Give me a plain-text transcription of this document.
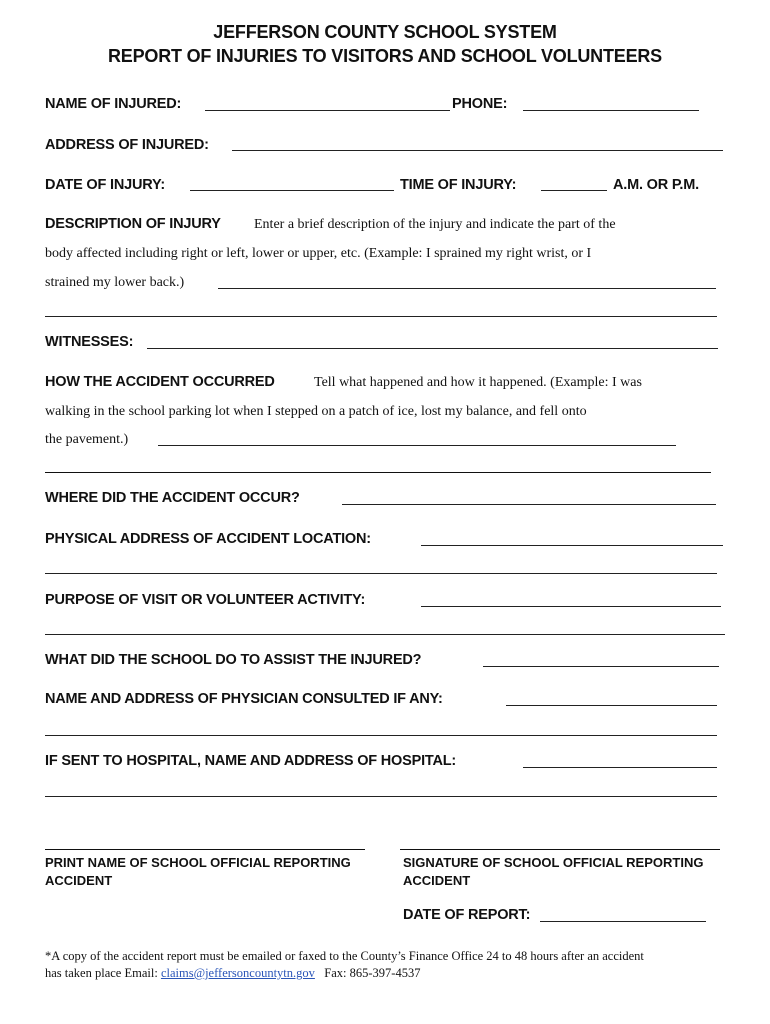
JEFFERSON COUNTY SCHOOL SYSTEM
REPORT OF INJURIES TO VISITORS AND SCHOOL VOLUNTEERS
NAME OF INJURED:	PHONE:
ADDRESS OF INJURED:
DATE OF INJURY:	TIME OF INJURY:	A.M. OR P.M.
DESCRIPTION OF INJURY Enter a brief description of the injury and indicate the part of the
body affected including right or left, lower or upper, etc. (Example: I sprained my right wrist, or I
strained my lower back.)
WITNESSES:
HOW THE ACCIDENT OCCURRED	Tell what happened and how it happened. (Example: I was
walking in the school parking lot when I stepped on a patch of ice, lost my balance, and fell onto
the pavement.)
WHERE DID THE ACCIDENT OCCUR?
PHYSICAL ADDRESS OF ACCIDENT LOCATION:
PURPOSE OF VISIT OR VOLUNTEER ACTIVITY:
WHAT DID THE SCHOOL DO TO ASSIST THE INJURED?
NAME AND ADDRESS OF PHYSICIAN CONSULTED IF ANY:
IF SENT TO HOSPITAL, NAME AND ADDRESS OF HOSPITAL:
PRINT NAME OF SCHOOL OFFICIAL REPORTING
ACCIDENT
SIGNATURE OF SCHOOL OFFICIAL REPORTING
ACCIDENT
DATE OF REPORT:
*A copy of the accident report must be emailed or faxed to the County’s Finance Office 24 to 48 hours after an accident
has taken place Email: claims@jeffersoncountytn.gov Fax: 865-397-4537
